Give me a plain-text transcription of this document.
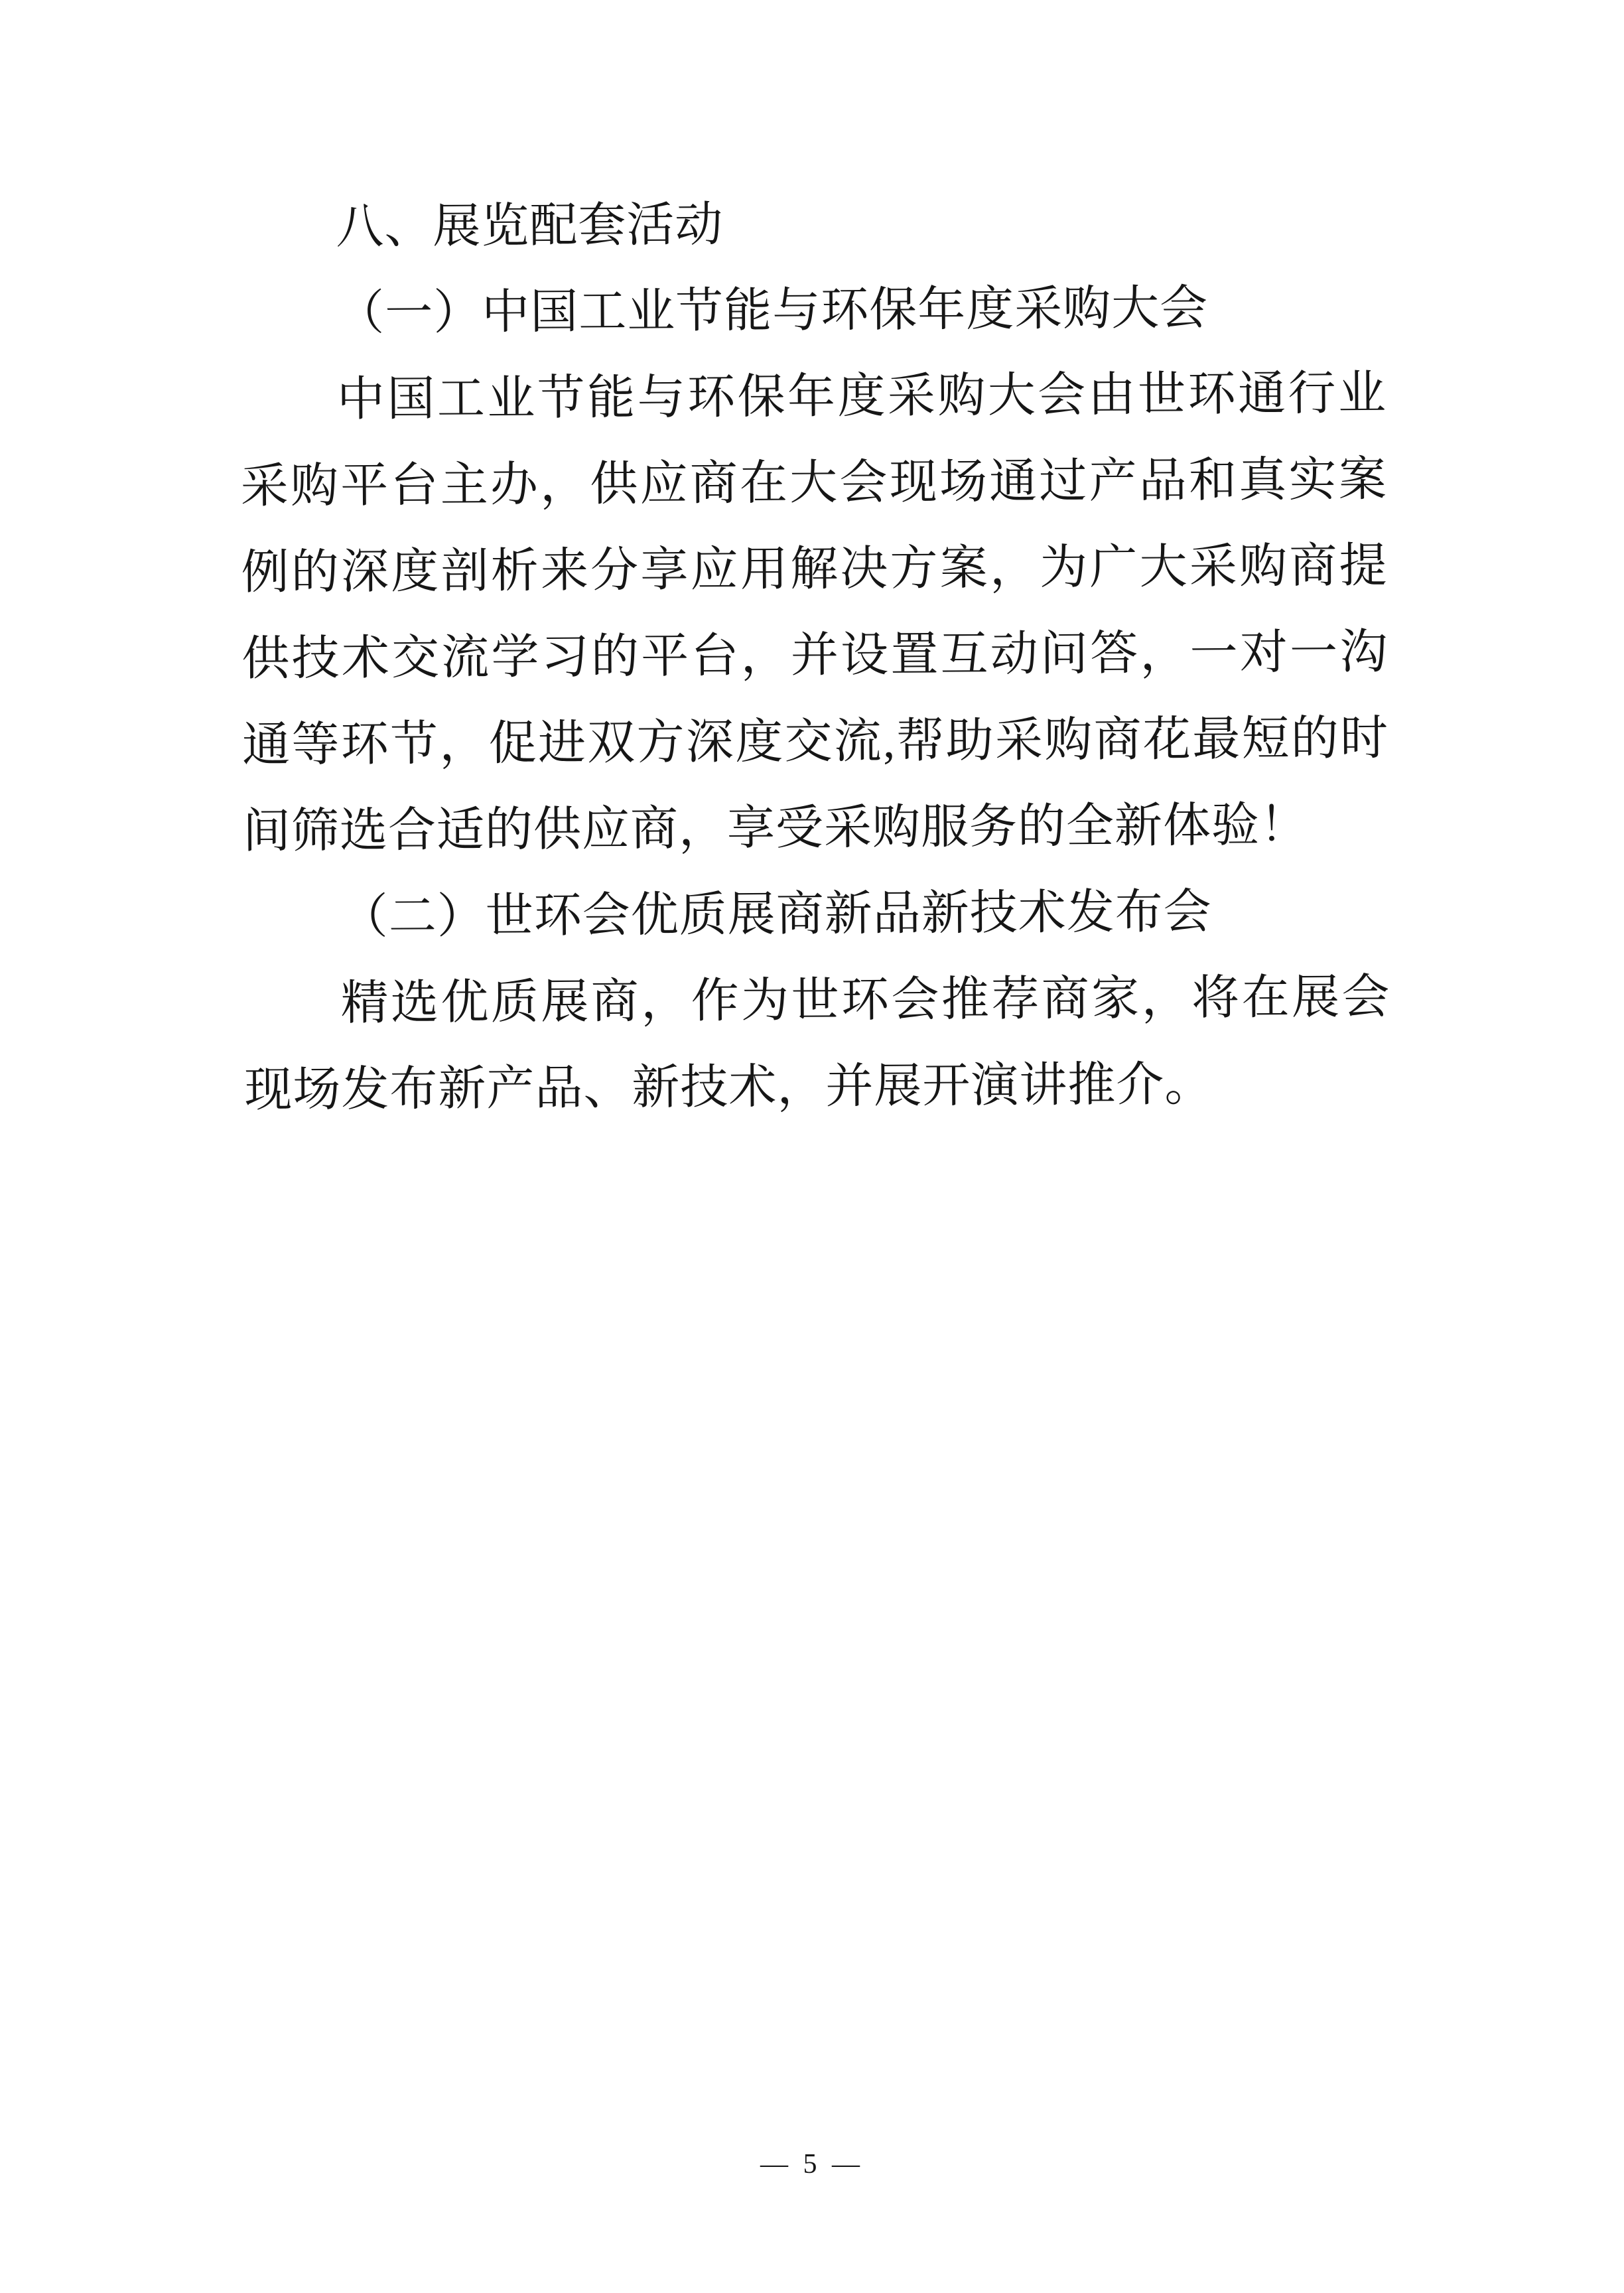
八、展览配套活动

（一）中国工业节能与环保年度采购大会

中国工业节能与环保年度采购大会由世环通行业采购平台主办，供应商在大会现场通过产品和真实案例的深度剖析来分享应用解决方案，为广大采购商提供技术交流学习的平台，并设置互动问答，一对一沟通等环节，促进双方深度交流,帮助采购商花最短的时间筛选合适的供应商，享受采购服务的全新体验！

（二）世环会优质展商新品新技术发布会

精选优质展商，作为世环会推荐商家，将在展会现场发布新产品、新技术，并展开演讲推介。

— 5 —
